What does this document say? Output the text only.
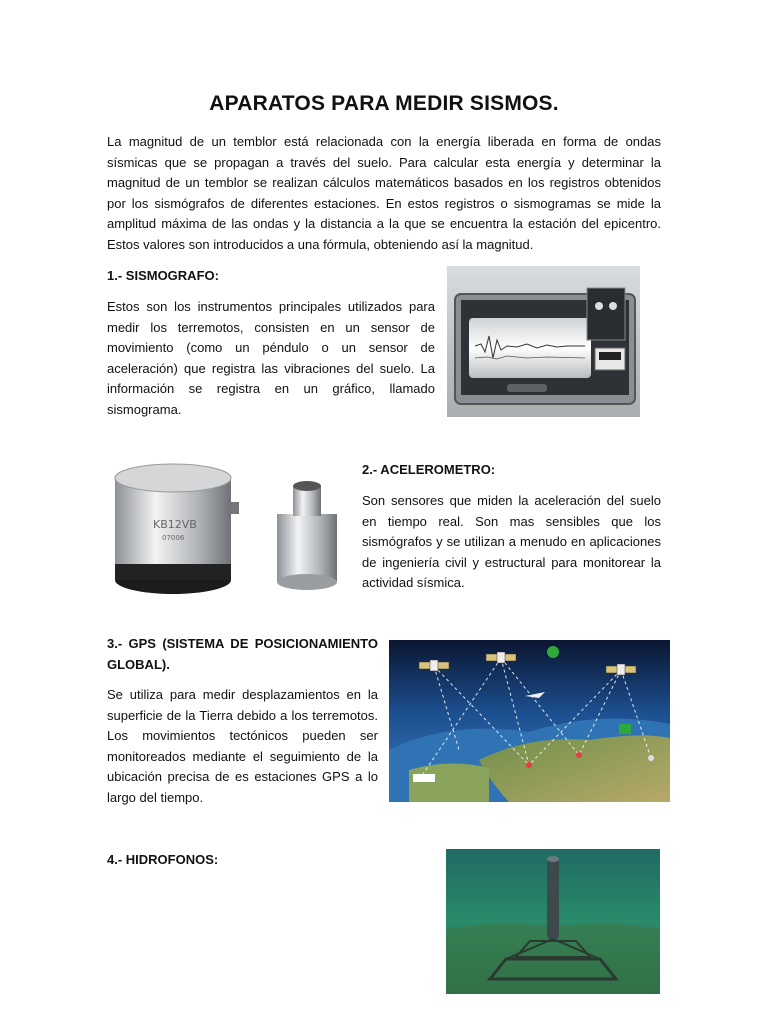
APARATOS PARA MEDIR SISMOS.

La magnitud de un temblor está relacionada con la energía liberada en forma de ondas sísmicas que se propagan a través del suelo. Para calcular esta energía y determinar la magnitud de un temblor se realizan cálculos matemáticos basados en los registros obtenidos por los sismógrafos de diferentes estaciones. En estos registros o sismogramas se mide la amplitud máxima de las ondas y la distancia a la que se encuentra la estación del epicentro. Estos valores son introducidos a una fórmula, obteniendo así la magnitud.

1.- SISMOGRAFO:

Estos son los instrumentos principales utilizados para medir los terremotos, consisten en un sensor de movimiento (como un péndulo o un sensor de aceleración) que registra las vibraciones del suelo. La información se registra en un gráfico, llamado sismograma.

KB12VB
07006

2.- ACELEROMETRO:

Son sensores que miden la aceleración del suelo en tiempo real. Son mas sensibles que los sismógrafos y se utilizan a menudo en aplicaciones de ingeniería civil y estructural para monitorear la actividad sísmica.

3.- GPS (SISTEMA DE POSICIONAMIENTO GLOBAL).

Se utiliza para medir desplazamientos en la superficie de la Tierra debido a los terremotos. Los movimientos tectónicos pueden ser monitoreados mediante el seguimiento de la ubicación precisa de es estaciones GPS a lo largo del tiempo.

4.- HIDROFONOS:
